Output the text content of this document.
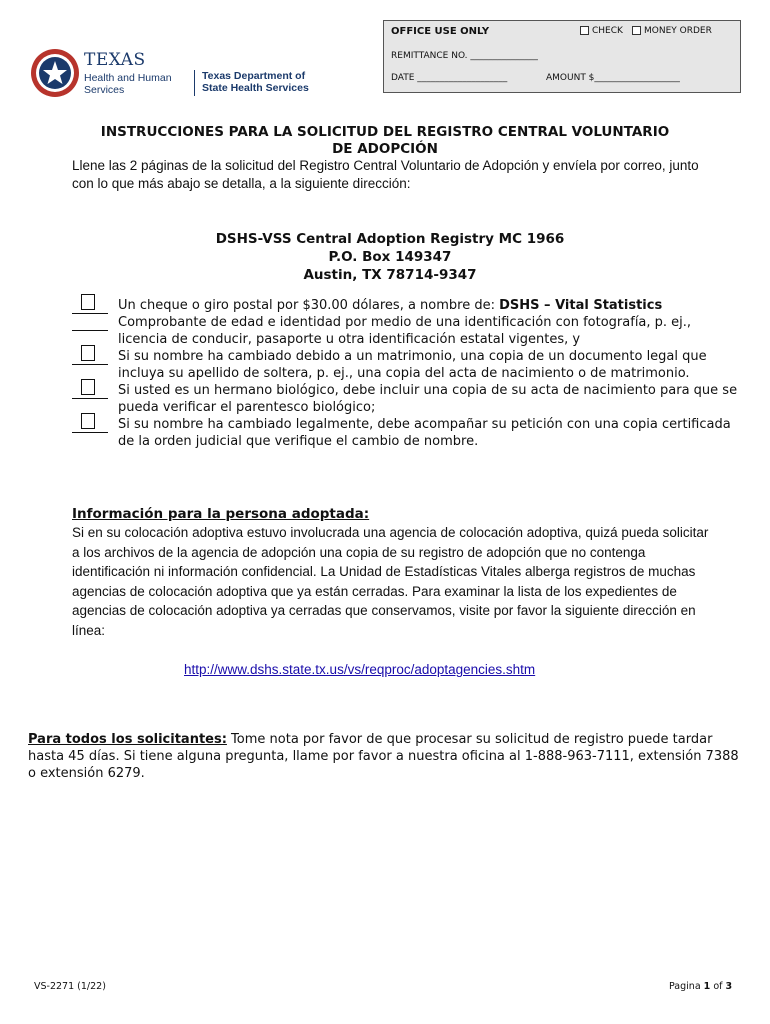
TEXAS
Health and Human Services
Texas Department of State Health Services
OFFICE USE ONLY	CHECK	MONEY ORDER
REMITTANCE NO. _______________
DATE ____________________	AMOUNT $___________________
INSTRUCCIONES PARA LA SOLICITUD DEL REGISTRO CENTRAL VOLUNTARIO
DE ADOPCIÓN
Llene las 2 páginas de la solicitud del Registro Central Voluntario de Adopción y envíela por correo, junto con lo que más abajo se detalla, a la siguiente dirección:
DSHS-VSS Central Adoption Registry MC 1966
P.O. Box 149347
Austin, TX 78714-9347
Un cheque o giro postal por $30.00 dólares, a nombre de: DSHS – Vital Statistics
Comprobante de edad e identidad por medio de una identificación con fotografía, p. ej., licencia de conducir, pasaporte u otra identificación estatal vigentes, y
Si su nombre ha cambiado debido a un matrimonio, una copia de un documento legal que incluya su apellido de soltera, p. ej., una copia del acta de nacimiento o de matrimonio.
Si usted es un hermano biológico, debe incluir una copia de su acta de nacimiento para que se pueda verificar el parentesco biológico;
Si su nombre ha cambiado legalmente, debe acompañar su petición con una copia certificada de la orden judicial que verifique el cambio de nombre.
Información para la persona adoptada:
Si en su colocación adoptiva estuvo involucrada una agencia de colocación adoptiva, quizá pueda solicitar a los archivos de la agencia de adopción una copia de su registro de adopción que no contenga identificación ni información confidencial. La Unidad de Estadísticas Vitales alberga registros de muchas agencias de colocación adoptiva que ya están cerradas. Para examinar la lista de los expedientes de agencias de colocación adoptiva ya cerradas que conservamos, visite por favor la siguiente dirección en línea:
http://www.dshs.state.tx.us/vs/reqproc/adoptagencies.shtm
Para todos los solicitantes: Tome nota por favor de que procesar su solicitud de registro puede tardar hasta 45 días. Si tiene alguna pregunta, llame por favor a nuestra oficina al 1-888-963-7111, extensión 7388 o extensión 6279.
VS-2271 (1/22)	Pagina 1 of 3
